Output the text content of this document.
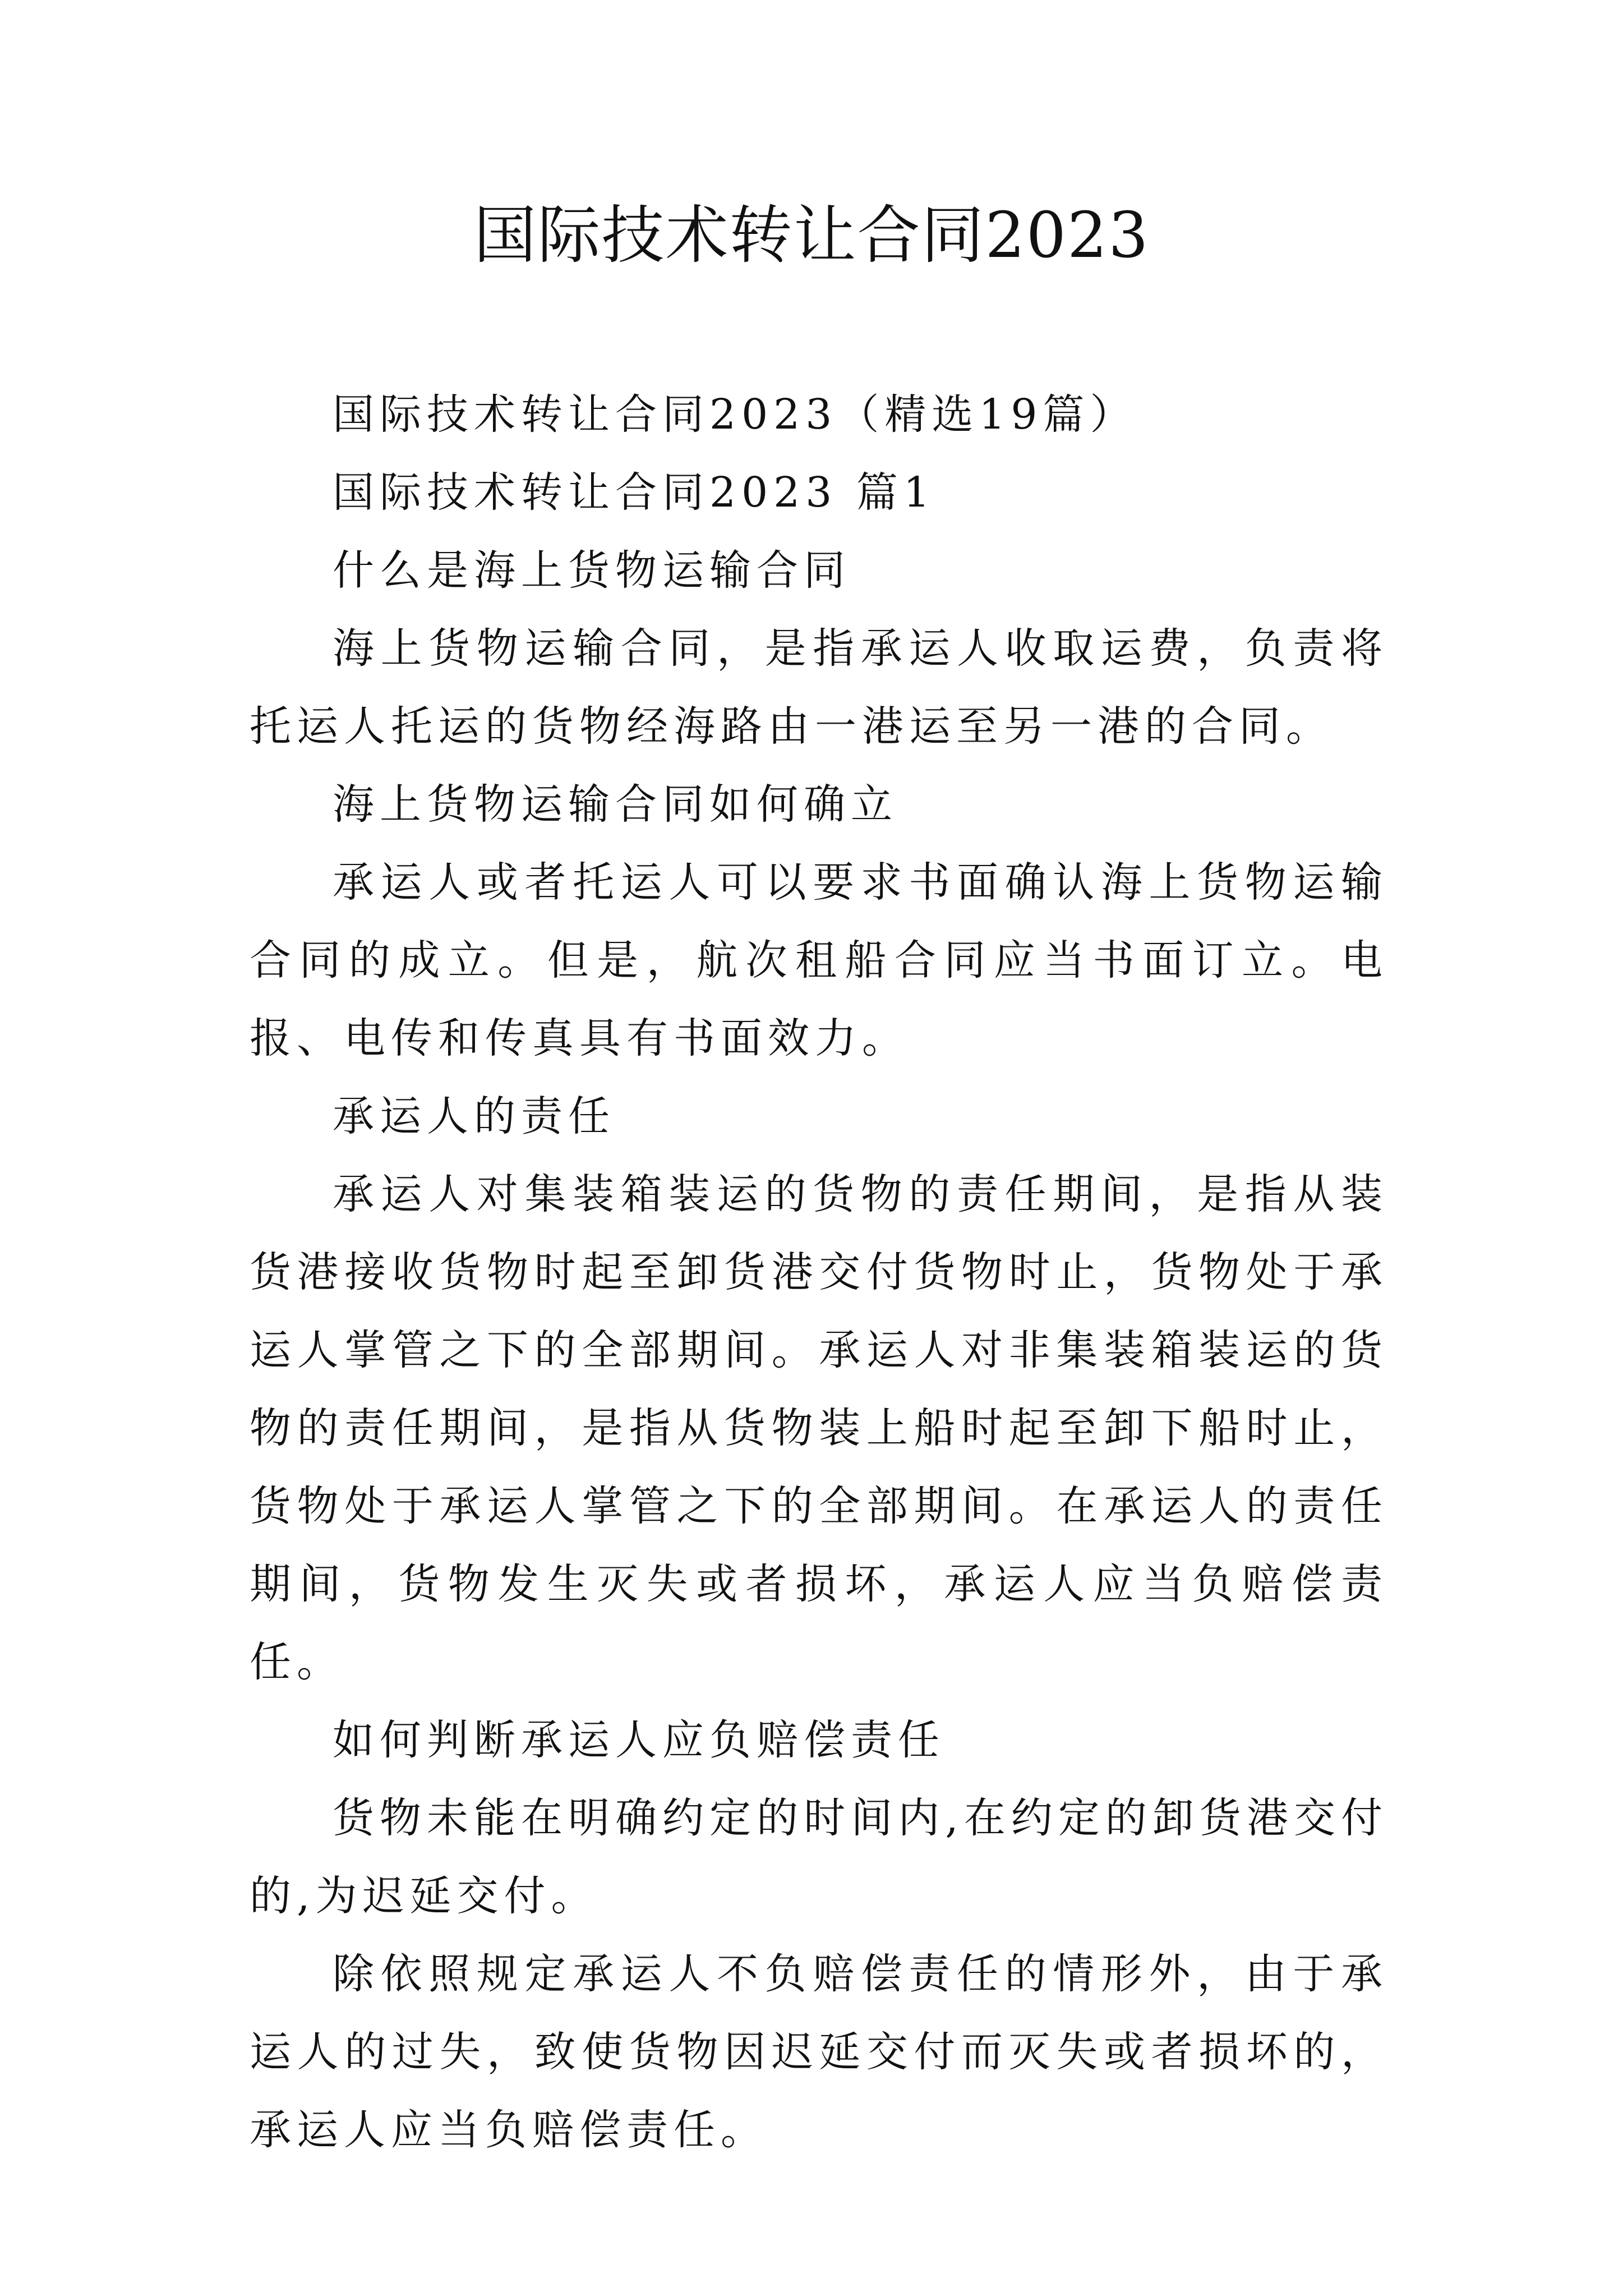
国际技术转让合同2023

国际技术转让合同2023（精选19篇）

国际技术转让合同2023 篇1

什么是海上货物运输合同

海上货物运输合同，是指承运人收取运费，负责将托运人托运的货物经海路由一港运至另一港的合同。

海上货物运输合同如何确立

承运人或者托运人可以要求书面确认海上货物运输合同的成立。但是，航次租船合同应当书面订立。电报、电传和传真具有书面效力。

承运人的责任

承运人对集装箱装运的货物的责任期间，是指从装货港接收货物时起至卸货港交付货物时止，货物处于承运人掌管之下的全部期间。承运人对非集装箱装运的货物的责任期间，是指从货物装上船时起至卸下船时止，货物处于承运人掌管之下的全部期间。在承运人的责任期间，货物发生灭失或者损坏，承运人应当负赔偿责任。

如何判断承运人应负赔偿责任

货物未能在明确约定的时间内,在约定的卸货港交付的,为迟延交付。

除依照规定承运人不负赔偿责任的情形外，由于承运人的过失，致使货物因迟延交付而灭失或者损坏的，承运人应当负赔偿责任。
